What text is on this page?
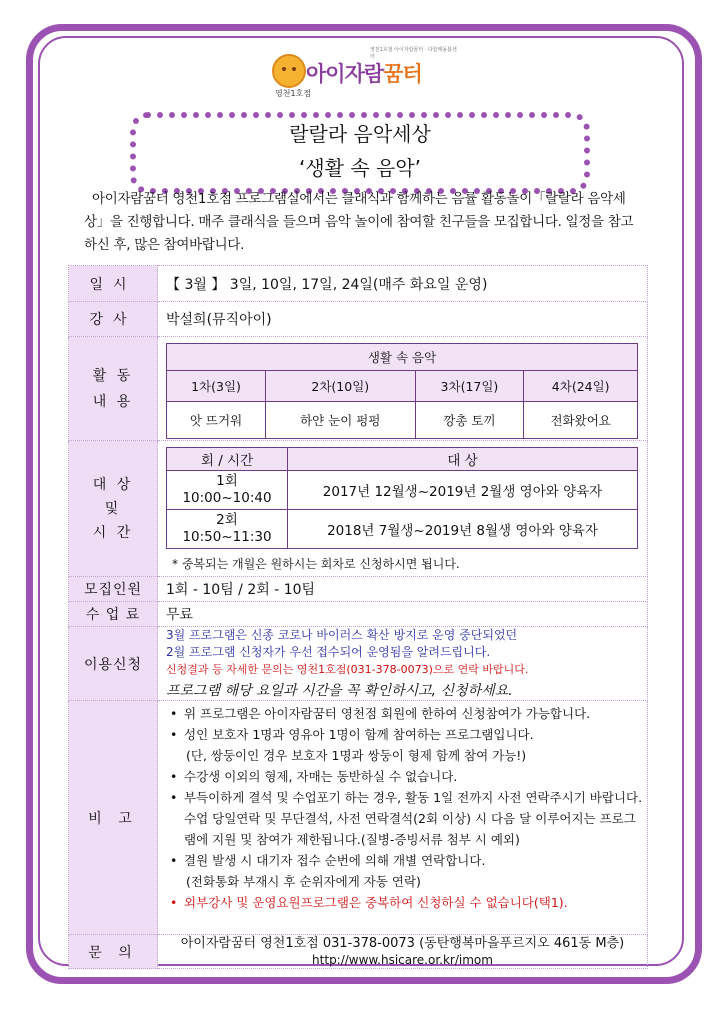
영천1호점 아이자람꿈터 · 다함께돌봄센터
아이자람꿈터
영천1호점
랄랄라 음악세상
‘생활 속 음악’
아이자람꿈터 영천1호점 프로그램실에서는 클래식과 함께하는 음률 활동놀이「랄랄라 음악세상」을 진행합니다. 매주 클래식을 들으며 음악 놀이에 참여할 친구들을 모집합니다. 일정을 참고하신 후, 많은 참여바랍니다.
일시	【 3월 】 3일, 10일, 17일, 24일(매주 화요일 운영)
강사	박설희(뮤직아이)

활 동
내 용

생활 속 음악
1차(3일)	2차(10일)	3차(17일)	4차(24일)
앗 뜨거워	하얀 눈이 펑펑	깡총 토끼	전화왔어요

대 상
및
시 간

회 / 시간	대 상

1회
10:00~10:40	2017년 12월생~2019년 2월생 영아와 양육자

2회
10:50~11:30	2018년 7월생~2019년 8월생 영아와 양육자
* 중복되는 개월은 원하시는 회차로 신청하시면 됩니다.

모집인원	1회 - 10팀 / 2회 - 10팀
수 업 료	무료
이용신청	
3월 프로그램은 신종 코로나 바이러스 확산 방지로 운영 중단되었던
2월 프로그램 신청자가 우선 접수되어 운영됨을 알려드립니다.
신청결과 등 자세한 문의는 영천1호점(031-378-0073)으로 연락 바랍니다.
프로그램 해당 요일과 시간을 꼭 확인하시고, 신청하세요.

비 고	
• 위 프로그램은 아이자람꿈터 영천점 회원에 한하여 신청참여가 가능합니다.
• 성인 보호자 1명과 영유아 1명이 함께 참여하는 프로그램입니다.
(단, 쌍둥이인 경우 보호자 1명과 쌍둥이 형제 함께 참여 가능!)
• 수강생 이외의 형제, 자매는 동반하실 수 없습니다.
• 부득이하게 결석 및 수업포기 하는 경우, 활동 1일 전까지 사전 연락주시기 바랍니다. 수업 당일연락 및 무단결석, 사전 연락결석(2회 이상) 시 다음 달 이루어지는 프로그램에 지원 및 참여가 제한됩니다.(질병-증빙서류 첨부 시 예외)
• 결원 발생 시 대기자 접수 순번에 의해 개별 연락합니다.
(전화통화 부재시 후 순위자에게 자동 연락)
• 외부강사 및 운영요원프로그램은 중복하여 신청하실 수 없습니다(택1).

문 의	
아이자람꿈터 영천1호점 031-378-0073 (동탄행복마을푸르지오 461동 M층)
http://www.hsicare.or.kr/imom
